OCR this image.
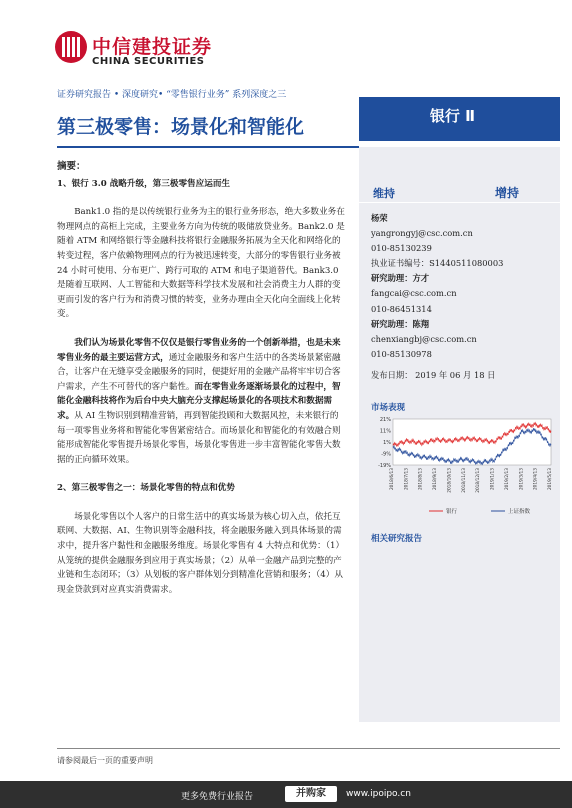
中信建投证券
CHINA SECURITIES
证券研究报告 • 深度研究• “零售银行业务” 系列深度之三
第三极零售：场景化和智能化	银行 Ⅱ

摘要：

1、银行 3.0 战略升级，第三极零售应运而生

Bank1.0 指的是以传统银行业务为主的银行业务形态，绝大多数业务在物理网点的高柜上完成，主要业务方向为传统的吸储放贷业务。Bank2.0 是随着 ATM 和网络银行等金融科技将银行金融服务拓展为全天化和网络化的转变过程，客户依赖物理网点的行为被迅速转变，大部分的零售银行业务被 24 小时可使用、分布更广、跨行可取的 ATM 和电子渠道替代。Bank3.0 是随着互联网、人工智能和大数据等科学技术发展和社会消费主力人群的变更而引发的客户行为和消费习惯的转变，业务办理由全天化向全面线上化转变。

我们认为场景化零售不仅仅是银行零售业务的一个创新举措，也是未来零售业务的最主要运营方式，通过金融服务和客户生活中的各类场景紧密融合，让客户在无缝享受金融服务的同时，便捷好用的金融产品将牢牢切合客户需求，产生不可替代的客户黏性。而在零售业务逐渐场景化的过程中，智能化金融科技将作为后台中央大脑充分支撑起场景化的各项技术和数据需求。从 AI 生物识别到精准营销，再到智能投顾和大数据风控，未来银行的每一项零售业务将和智能化零售紧密结合。而场景化和智能化的有效融合则能形成智能化零售提升场景化零售，场景化零售进一步丰富智能化零售大数据的正向循环效果。

2、第三极零售之一：场景化零售的特点和优势

场景化零售以个人客户的日常生活中的真实场景为核心切入点，依托互联网、大数据、AI、生物识别等金融科技，将金融服务融入到具体场景的需求中，提升客户黏性和金融服务维度。场景化零售有 4 大特点和优势：（1）从笼统的提供金融服务到应用于真实场景；（2）从单一金融产品到完整的产业链和生态闭环；（3）从划板的客户群体划分到精准化营销和服务；（4）从现金贷款到对应真实消费需求。

维持	增持
杨荣
yangrongyj@csc.com.cn
010-85130239
执业证书编号：S1440511080003
研究助理：方才
fangcai@csc.com.cn
010-86451314
研究助理：陈翔
chenxiangbj@csc.com.cn
010-85130978
发布日期： 2019 年 06 月 18 日
市场表现
21%
11%
1%
-9%
-19%
2018/6/13 2018/7/13 2018/8/13 2018/9/13 2018/10/13 2018/11/13 2018/12/13 2019/1/13 2019/2/13 2019/3/13 2019/4/13 2019/5/13
银行	上证指数
相关研究报告
请参阅最后一页的重要声明
更多免费行业报告	并购家	www.ipoipo.cn
